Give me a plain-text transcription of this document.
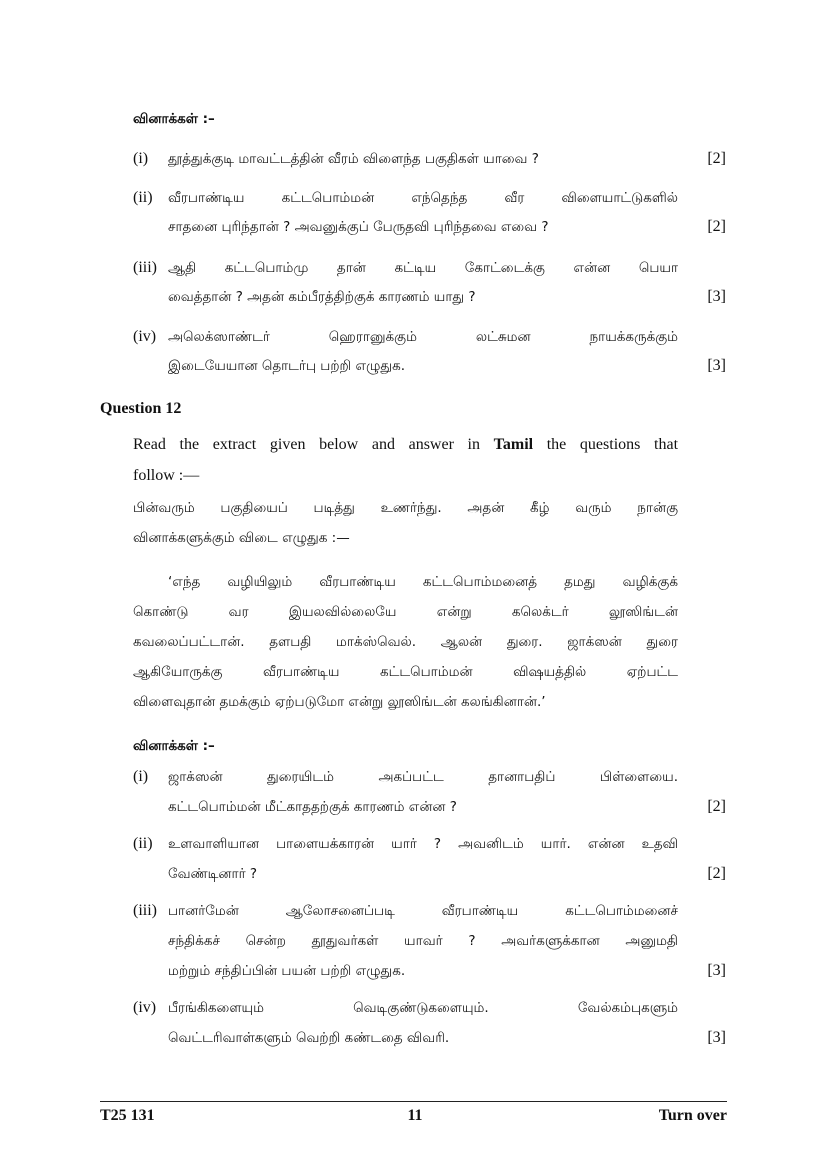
வினாக்கள் :–
(i) தூத்துக்குடி மாவட்டத்தின் வீரம் விளைந்த பகுதிகள் யாவை ?	[2]
(ii) வீரபாண்டிய கட்டபொம்மன் எந்தெந்த வீர விளையாட்டுகளில்
சாதனை புரிந்தான் ? அவனுக்குப் பேருதவி புரிந்தவை எவை ?	[2]
(iii) ஆதி கட்டபொம்மு தான் கட்டிய கோட்டைக்கு என்ன பெயா
வைத்தான் ? அதன் கம்பீரத்திற்குக் காரணம் யாது ?	[3]
(iv) அலெக்ஸாண்டர் ஹெரானுக்கும் லட்சுமன நாயக்கருக்கும்
இடையேயான தொடர்பு பற்றி எழுதுக.	[3]
Question 12
Read the extract given below and answer in Tamil the questions that
follow :—
பின்வரும் பகுதியைப் படித்து உணர்ந்து. அதன் கீழ் வரும் நான்கு
வினாக்களுக்கும் விடை எழுதுக :—
‘எந்த வழியிலும் வீரபாண்டிய கட்டபொம்மனைத் தமது வழிக்குக்
கொண்டு வர இயலவில்லையே என்று கலெக்டர் லூஸிங்டன்
கவலைப்பட்டான். தளபதி மாக்ஸ்வெல். ஆலன் துரை. ஜாக்ஸன் துரை
ஆகியோருக்கு வீரபாண்டிய கட்டபொம்மன் விஷயத்தில் ஏற்பட்ட
விளைவுதான் தமக்கும் ஏற்படுமோ என்று லூஸிங்டன் கலங்கினான்.’
வினாக்கள் :–
(i) ஜாக்ஸன் துரையிடம் அகப்பட்ட தானாபதிப் பிள்ளையை.
கட்டபொம்மன் மீட்காததற்குக் காரணம் என்ன ?	[2]
(ii) உளவாளியான பாளையக்காரன் யார் ? அவனிடம் யார். என்ன உதவி
வேண்டினார் ?	[2]
(iii) பானர்மேன் ஆலோசனைப்படி வீரபாண்டிய கட்டபொம்மனைச்
சந்திக்கச் சென்ற தூதுவர்கள் யாவர் ? அவர்களுக்கான அனுமதி
மற்றும் சந்திப்பின் பயன் பற்றி எழுதுக.	[3]
(iv) பீரங்கிகளையும் வெடிகுண்டுகளையும். வேல்கம்புகளும்
வெட்டரிவாள்களும் வெற்றி கண்டதை விவரி.	[3]
T25 131	11	Turn over
